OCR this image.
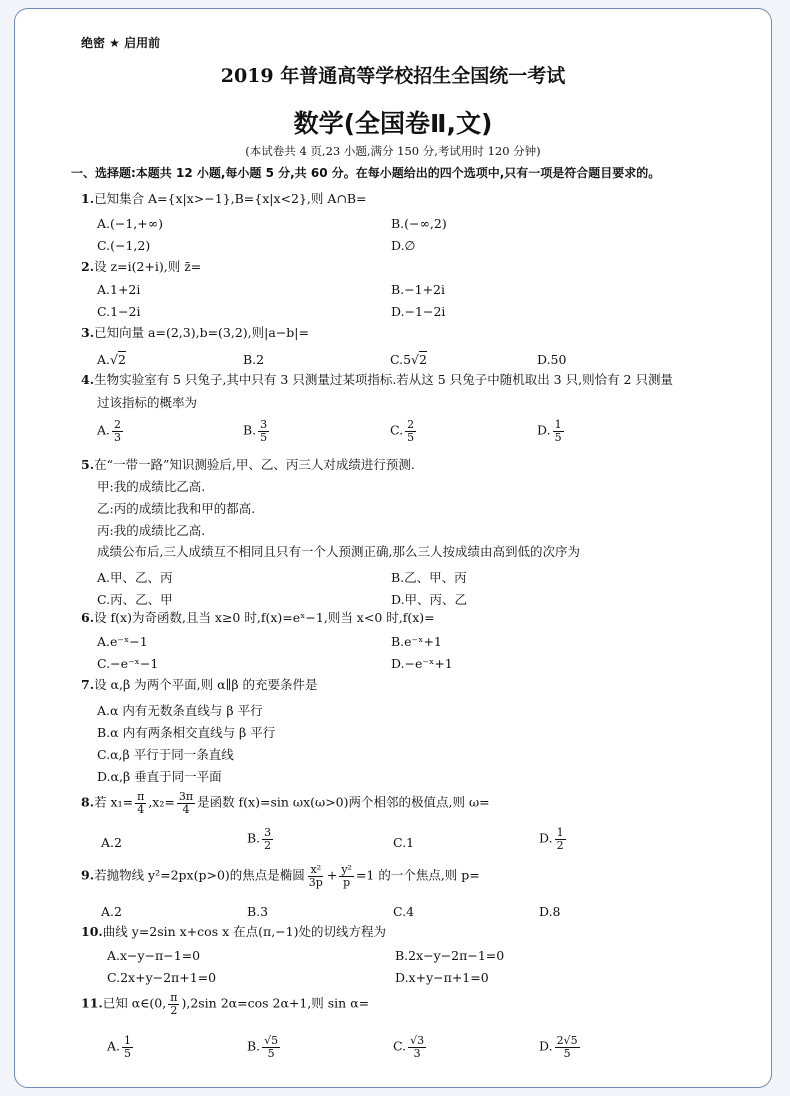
绝密 ★ 启用前
2019 年普通高等学校招生全国统一考试
数学(全国卷Ⅱ,文)
(本试卷共 4 页,23 小题,满分 150 分,考试用时 120 分钟)
一、选择题:本题共 12 小题,每小题 5 分,共 60 分。在每小题给出的四个选项中,只有一项是符合题目要求的。
1.已知集合 A={x|x>−1},B={x|x<2},则 A∩B=
A.(−1,+∞)	B.(−∞,2)
C.(−1,2)	D.∅
2.设 z=i(2+i),则 z̄=
A.1+2i	B.−1+2i
C.1−2i	D.−1−2i
3.已知向量 a=(2,3),b=(3,2),则|a−b|=
A. √ 2	B.2	C.5 √ 2	D.50
4.生物实验室有 5 只兔子,其中只有 3 只测量过某项指标.若从这 5 只兔子中随机取出 3 只,则恰有 2 只测量
过该指标的概率为
A. $\frac{2}{3}$	B. $\frac{3}{5}$	C. $\frac{2}{5}$	D. $\frac{1}{5}$
5.在“一带一路”知识测验后,甲、乙、丙三人对成绩进行预测.
甲:我的成绩比乙高.
乙:丙的成绩比我和甲的都高.
丙:我的成绩比乙高.
成绩公布后,三人成绩互不相同且只有一个人预测正确,那么三人按成绩由高到低的次序为
A.甲、乙、丙	B.乙、甲、丙
C.丙、乙、甲	D.甲、丙、乙
6.设 f(x)为奇函数,且当 x≥0 时,f(x)=eˣ−1,则当 x<0 时,f(x)=
A.e⁻ˣ−1	B.e⁻ˣ+1
C.−e⁻ˣ−1	D.−e⁻ˣ+1
7.设 α,β 为两个平面,则 α∥β 的充要条件是
A.α 内有无数条直线与 β 平行
B.α 内有两条相交直线与 β 平行
C.α,β 平行于同一条直线
D.α,β 垂直于同一平面
8.若 $x_1= \frac{\pi}{4} ,x_2= \frac{3\pi}{4}$ 是函数 f(x)=sin ωx(ω>0)两个相邻的极值点,则 ω=
A.2	B. $\frac{3}{2}$	C.1	D. $\frac{1}{2}$
9.若抛物线 y²=2px(p>0)的焦点是椭圆 $\frac{\text{x²}}{3p} + \frac{\text{y²}}{p} =1$ 的一个焦点,则 p=
A.2	B.3	C.4	D.8
10.曲线 y=2sin x+cos x 在点(π,−1)处的切线方程为
A.x−y−π−1=0	B.2x−y−2π−1=0
C.2x+y−2π+1=0	D.x+y−π+1=0
11.已知 α∈(0, $\frac{\pi}{2} ),2\sin$ 2α=cos 2α+1,则 sin α=
A. $\frac{1}{5}$	B. $\frac{√5}{5}$	C. $\frac{√3}{3}$	D. $\frac{2√5}{5}$
